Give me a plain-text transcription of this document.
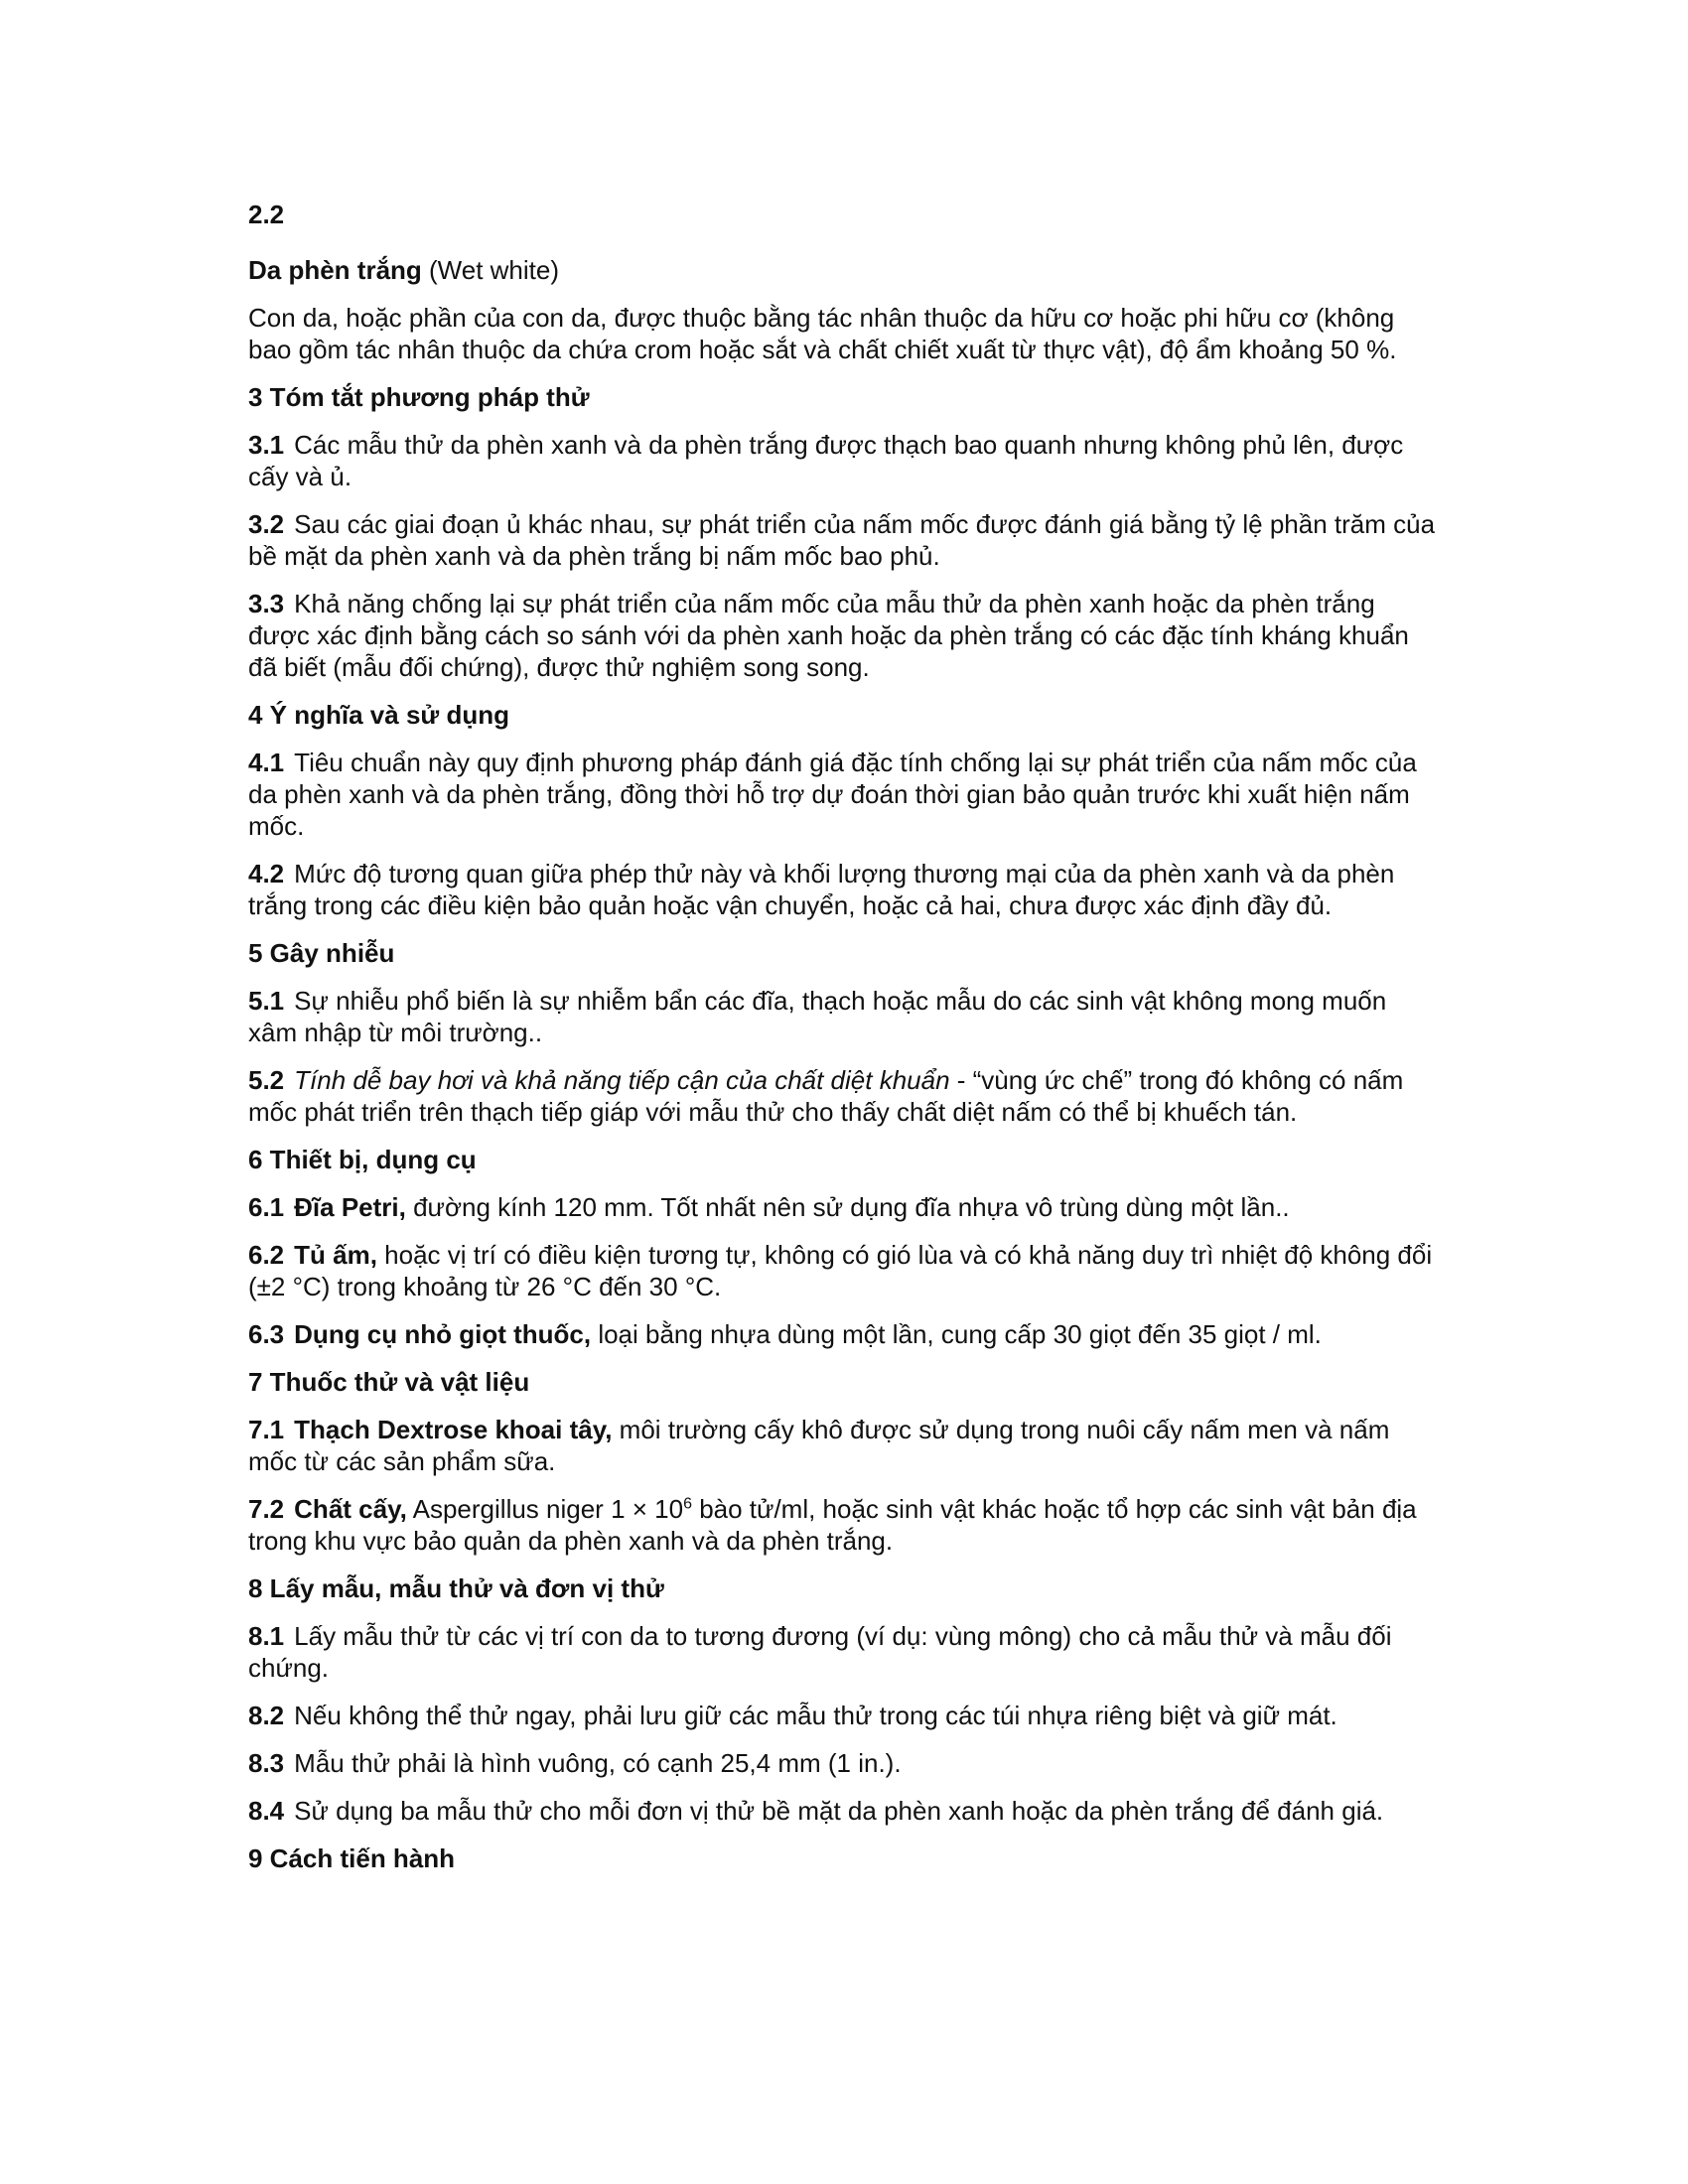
2.2

Da phèn trắng (Wet white)

Con da, hoặc phần của con da, được thuộc bằng tác nhân thuộc da hữu cơ hoặc phi hữu cơ (không bao gồm tác nhân thuộc da chứa crom hoặc sắt và chất chiết xuất từ thực vật), độ ẩm khoảng 50 %.

3 Tóm tắt phương pháp thử

3.1 Các mẫu thử da phèn xanh và da phèn trắng được thạch bao quanh nhưng không phủ lên, được cấy và ủ.

3.2 Sau các giai đoạn ủ khác nhau, sự phát triển của nấm mốc được đánh giá bằng tỷ lệ phần trăm của bề mặt da phèn xanh và da phèn trắng bị nấm mốc bao phủ.

3.3 Khả năng chống lại sự phát triển của nấm mốc của mẫu thử da phèn xanh hoặc da phèn trắng được xác định bằng cách so sánh với da phèn xanh hoặc da phèn trắng có các đặc tính kháng khuẩn đã biết (mẫu đối chứng), được thử nghiệm song song.

4 Ý nghĩa và sử dụng

4.1 Tiêu chuẩn này quy định phương pháp đánh giá đặc tính chống lại sự phát triển của nấm mốc của da phèn xanh và da phèn trắng, đồng thời hỗ trợ dự đoán thời gian bảo quản trước khi xuất hiện nấm mốc.

4.2 Mức độ tương quan giữa phép thử này và khối lượng thương mại của da phèn xanh và da phèn trắng trong các điều kiện bảo quản hoặc vận chuyển, hoặc cả hai, chưa được xác định đầy đủ.

5 Gây nhiễu

5.1 Sự nhiễu phổ biến là sự nhiễm bẩn các đĩa, thạch hoặc mẫu do các sinh vật không mong muốn xâm nhập từ môi trường..

5.2 Tính dễ bay hơi và khả năng tiếp cận của chất diệt khuẩn - “vùng ức chế” trong đó không có nấm mốc phát triển trên thạch tiếp giáp với mẫu thử cho thấy chất diệt nấm có thể bị khuếch tán.

6 Thiết bị, dụng cụ

6.1 Đĩa Petri, đường kính 120 mm. Tốt nhất nên sử dụng đĩa nhựa vô trùng dùng một lần..

6.2 Tủ ấm, hoặc vị trí có điều kiện tương tự, không có gió lùa và có khả năng duy trì nhiệt độ không đổi (±2 °C) trong khoảng từ 26 °C đến 30 °C.

6.3 Dụng cụ nhỏ giọt thuốc, loại bằng nhựa dùng một lần, cung cấp 30 giọt đến 35 giọt / ml.

7 Thuốc thử và vật liệu

7.1 Thạch Dextrose khoai tây, môi trường cấy khô được sử dụng trong nuôi cấy nấm men và nấm mốc từ các sản phẩm sữa.

7.2 Chất cấy, Aspergillus niger $1 \times 10^6$ bào tử/ml, hoặc sinh vật khác hoặc tổ hợp các sinh vật bản địa trong khu vực bảo quản da phèn xanh và da phèn trắng.

8 Lấy mẫu, mẫu thử và đơn vị thử

8.1 Lấy mẫu thử từ các vị trí con da to tương đương (ví dụ: vùng mông) cho cả mẫu thử và mẫu đối chứng.

8.2 Nếu không thể thử ngay, phải lưu giữ các mẫu thử trong các túi nhựa riêng biệt và giữ mát.

8.3 Mẫu thử phải là hình vuông, có cạnh 25,4 mm (1 in.).

8.4 Sử dụng ba mẫu thử cho mỗi đơn vị thử bề mặt da phèn xanh hoặc da phèn trắng để đánh giá.

9 Cách tiến hành
